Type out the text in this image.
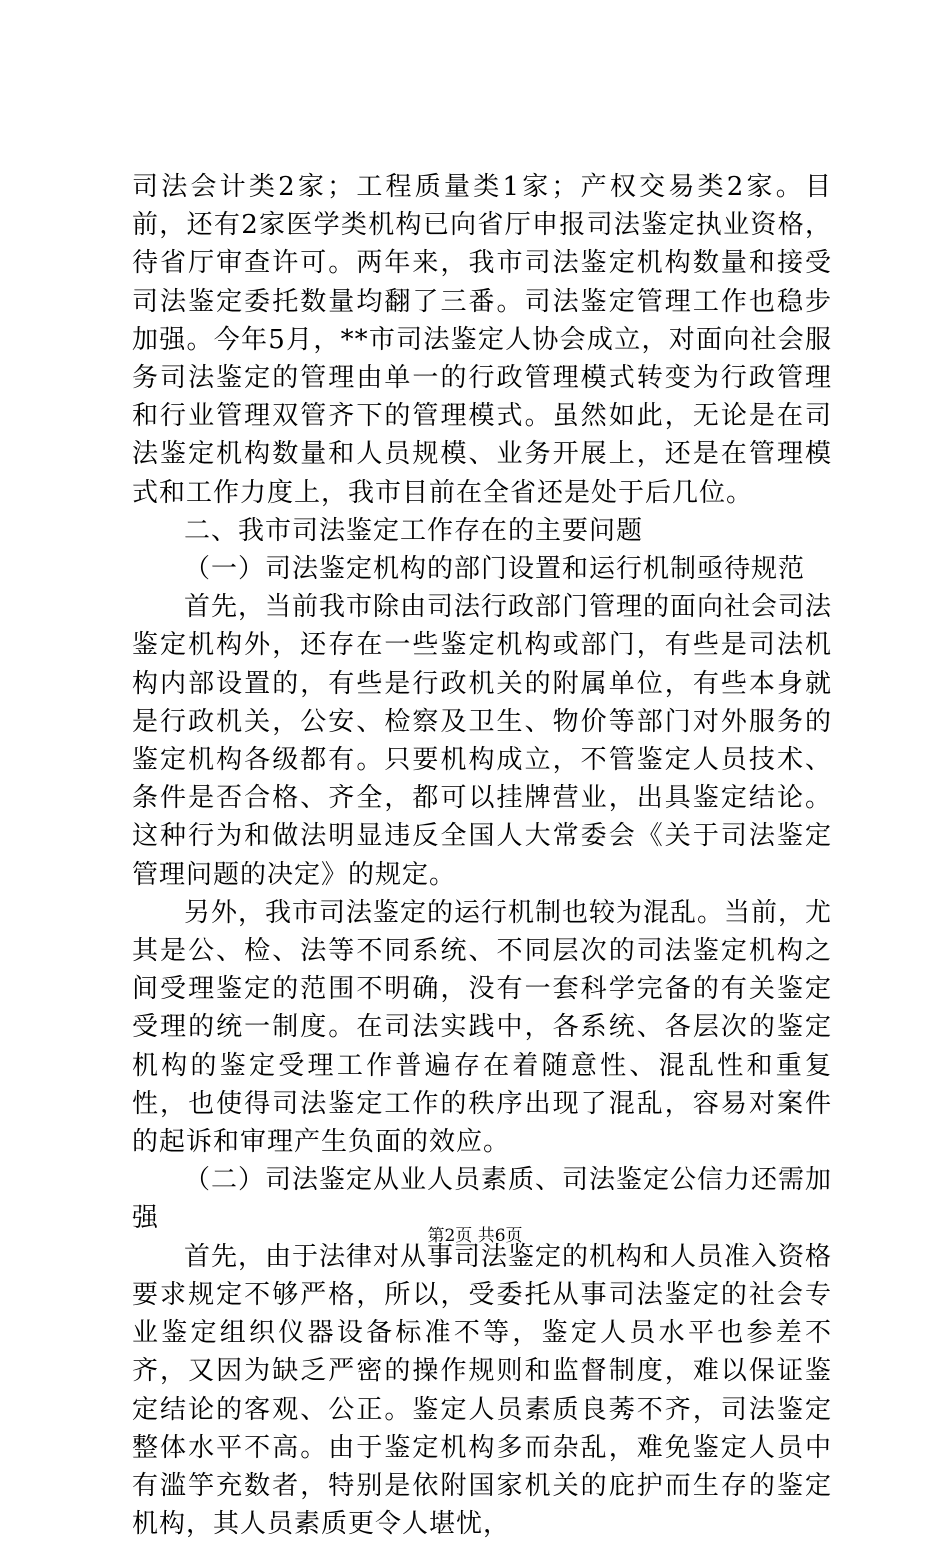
司法会计类2家；工程质量类1家；产权交易类2家。目前，还有2家医学类机构已向省厅申报司法鉴定执业资格，待省厅审查许可。两年来，我市司法鉴定机构数量和接受司法鉴定委托数量均翻了三番。司法鉴定管理工作也稳步加强。今年5月，**市司法鉴定人协会成立，对面向社会服务司法鉴定的管理由单一的行政管理模式转变为行政管理和行业管理双管齐下的管理模式。虽然如此，无论是在司法鉴定机构数量和人员规模、业务开展上，还是在管理模式和工作力度上，我市目前在全省还是处于后几位。

二、我市司法鉴定工作存在的主要问题

（一）司法鉴定机构的部门设置和运行机制亟待规范

首先，当前我市除由司法行政部门管理的面向社会司法鉴定机构外，还存在一些鉴定机构或部门，有些是司法机构内部设置的，有些是行政机关的附属单位，有些本身就是行政机关，公安、检察及卫生、物价等部门对外服务的鉴定机构各级都有。只要机构成立，不管鉴定人员技术、条件是否合格、齐全，都可以挂牌营业，出具鉴定结论。这种行为和做法明显违反全国人大常委会《关于司法鉴定管理问题的决定》的规定。

另外，我市司法鉴定的运行机制也较为混乱。当前，尤其是公、检、法等不同系统、不同层次的司法鉴定机构之间受理鉴定的范围不明确，没有一套科学完备的有关鉴定受理的统一制度。在司法实践中，各系统、各层次的鉴定机构的鉴定受理工作普遍存在着随意性、混乱性和重复性，也使得司法鉴定工作的秩序出现了混乱，容易对案件的起诉和审理产生负面的效应。

（二）司法鉴定从业人员素质、司法鉴定公信力还需加强

首先，由于法律对从事司法鉴定的机构和人员准入资格要求规定不够严格，所以，受委托从事司法鉴定的社会专业鉴定组织仪器设备标准不等，鉴定人员水平也参差不齐，又因为缺乏严密的操作规则和监督制度，难以保证鉴定结论的客观、公正。鉴定人员素质良莠不齐，司法鉴定整体水平不高。由于鉴定机构多而杂乱，难免鉴定人员中有滥竽充数者，特别是依附国家机关的庇护而生存的鉴定机构，其人员素质更令人堪忧，

第2页 共6页
